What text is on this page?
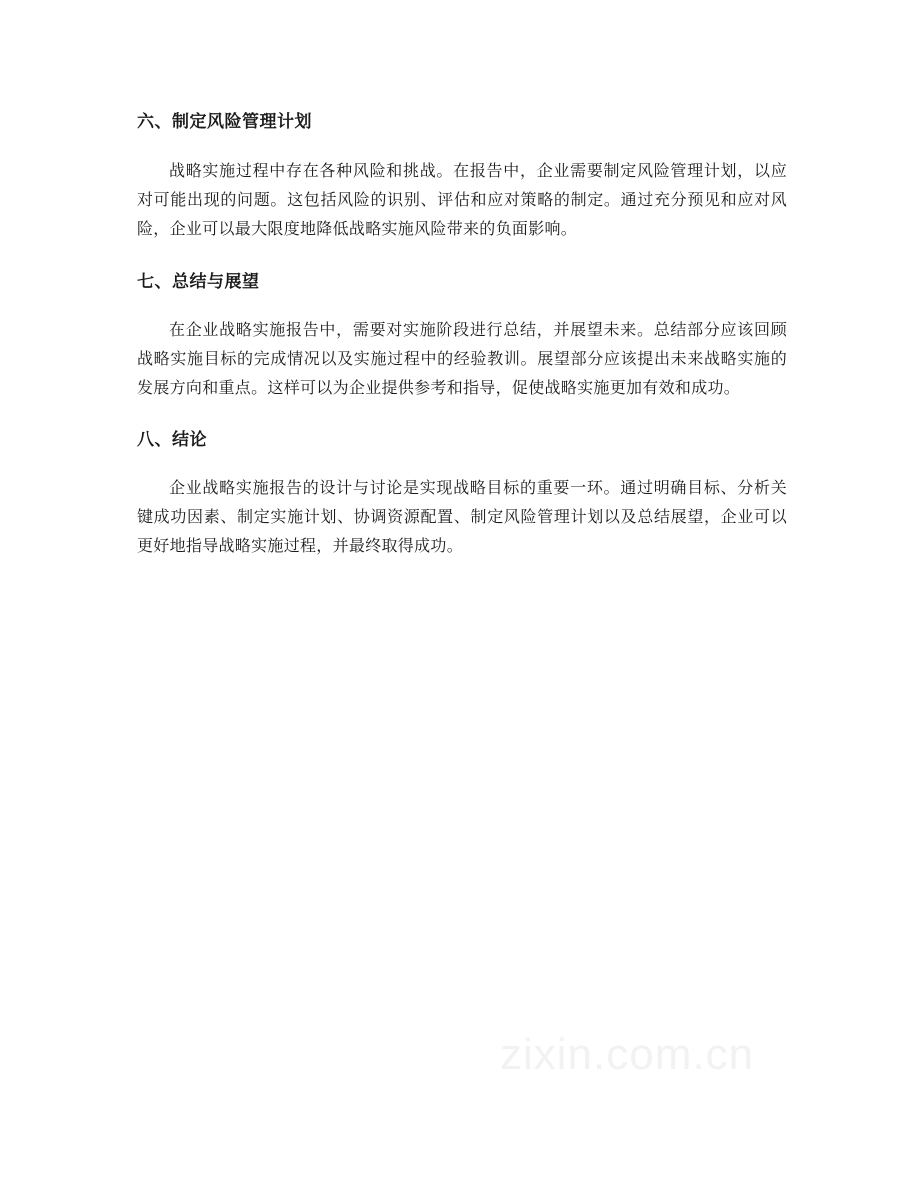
六、制定风险管理计划

战略实施过程中存在各种风险和挑战。在报告中，企业需要制定风险管理计划，以应对可能出现的问题。这包括风险的识别、评估和应对策略的制定。通过充分预见和应对风险，企业可以最大限度地降低战略实施风险带来的负面影响。

七、总结与展望

在企业战略实施报告中，需要对实施阶段进行总结，并展望未来。总结部分应该回顾战略实施目标的完成情况以及实施过程中的经验教训。展望部分应该提出未来战略实施的发展方向和重点。这样可以为企业提供参考和指导，促使战略实施更加有效和成功。

八、结论

企业战略实施报告的设计与讨论是实现战略目标的重要一环。通过明确目标、分析关键成功因素、制定实施计划、协调资源配置、制定风险管理计划以及总结展望，企业可以更好地指导战略实施过程，并最终取得成功。

zixin.com.cn
